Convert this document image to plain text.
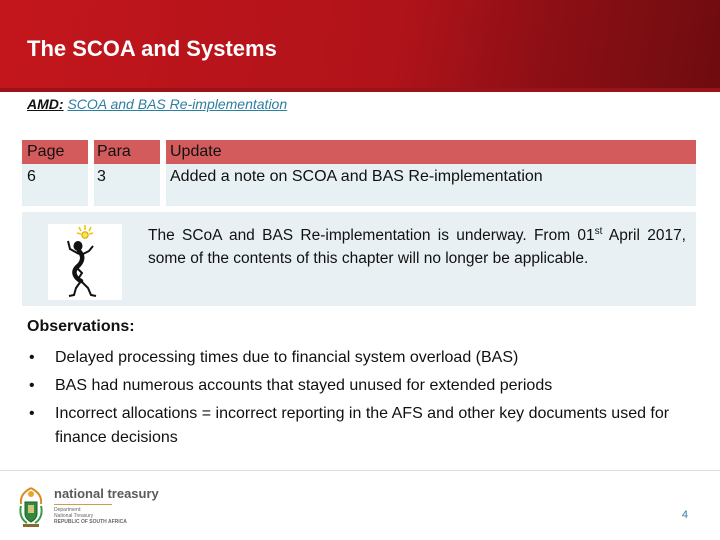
The SCOA and Systems
AMD: SCOA and BAS Re-implementation
Page Para Update
6	3	Added a note on SCOA and BAS Re-implementation
The SCoA and BAS Re-implementation is underway. From 01st April 2017, some of the contents of this chapter will no longer be applicable.
Observations:
• Delayed processing times due to financial system overload (BAS)
• BAS had numerous accounts that stayed unused for extended periods
• Incorrect allocations = incorrect reporting in the AFS and other key documents used for finance decisions
national treasury
Department:
National Treasury
REPUBLIC OF SOUTH AFRICA
4
